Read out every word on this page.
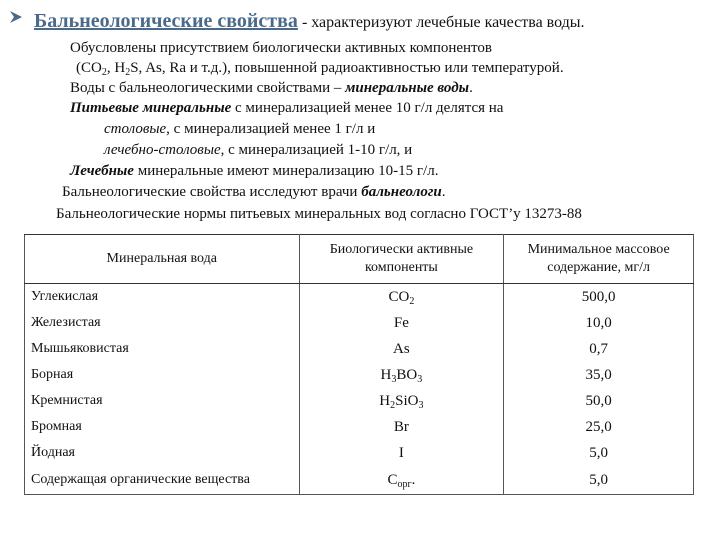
Бальнеологические свойства - характеризуют лечебные качества воды.
Обусловлены присутствием биологически активных компонентов
($CO_2$, $H_2S$, As, Ra и т.д.), повышенной радиоактивностью или температурой.
Воды с бальнеологическими свойствами – минеральные воды.
Питьевые минеральные с минерализацией менее 10 г/л делятся на
столовые, с минерализацией менее 1 г/л и
лечебно-столовые, с минерализацией 1-10 г/л, и
Лечебные минеральные имеют минерализацию 10-15 г/л.
Бальнеологические свойства исследуют врачи бальнеологи.
Бальнеологические нормы питьевых минеральных вод согласно ГОСТ’у 13273-88
Минеральная вода	Биологически активные компоненты	Минимальное массовое содержание, мг/л
Углекислая	$CO_2$	500,0
Железистая	Fe	10,0
Мышьяковистая	As	0,7
Борная	$H_3BO_3$	35,0
Кремнистая	$H_2SiO_3$	50,0
Бромная	Br	25,0
Йодная	I	5,0
Содержащая органические вещества	$C_{орг}$.	5,0
